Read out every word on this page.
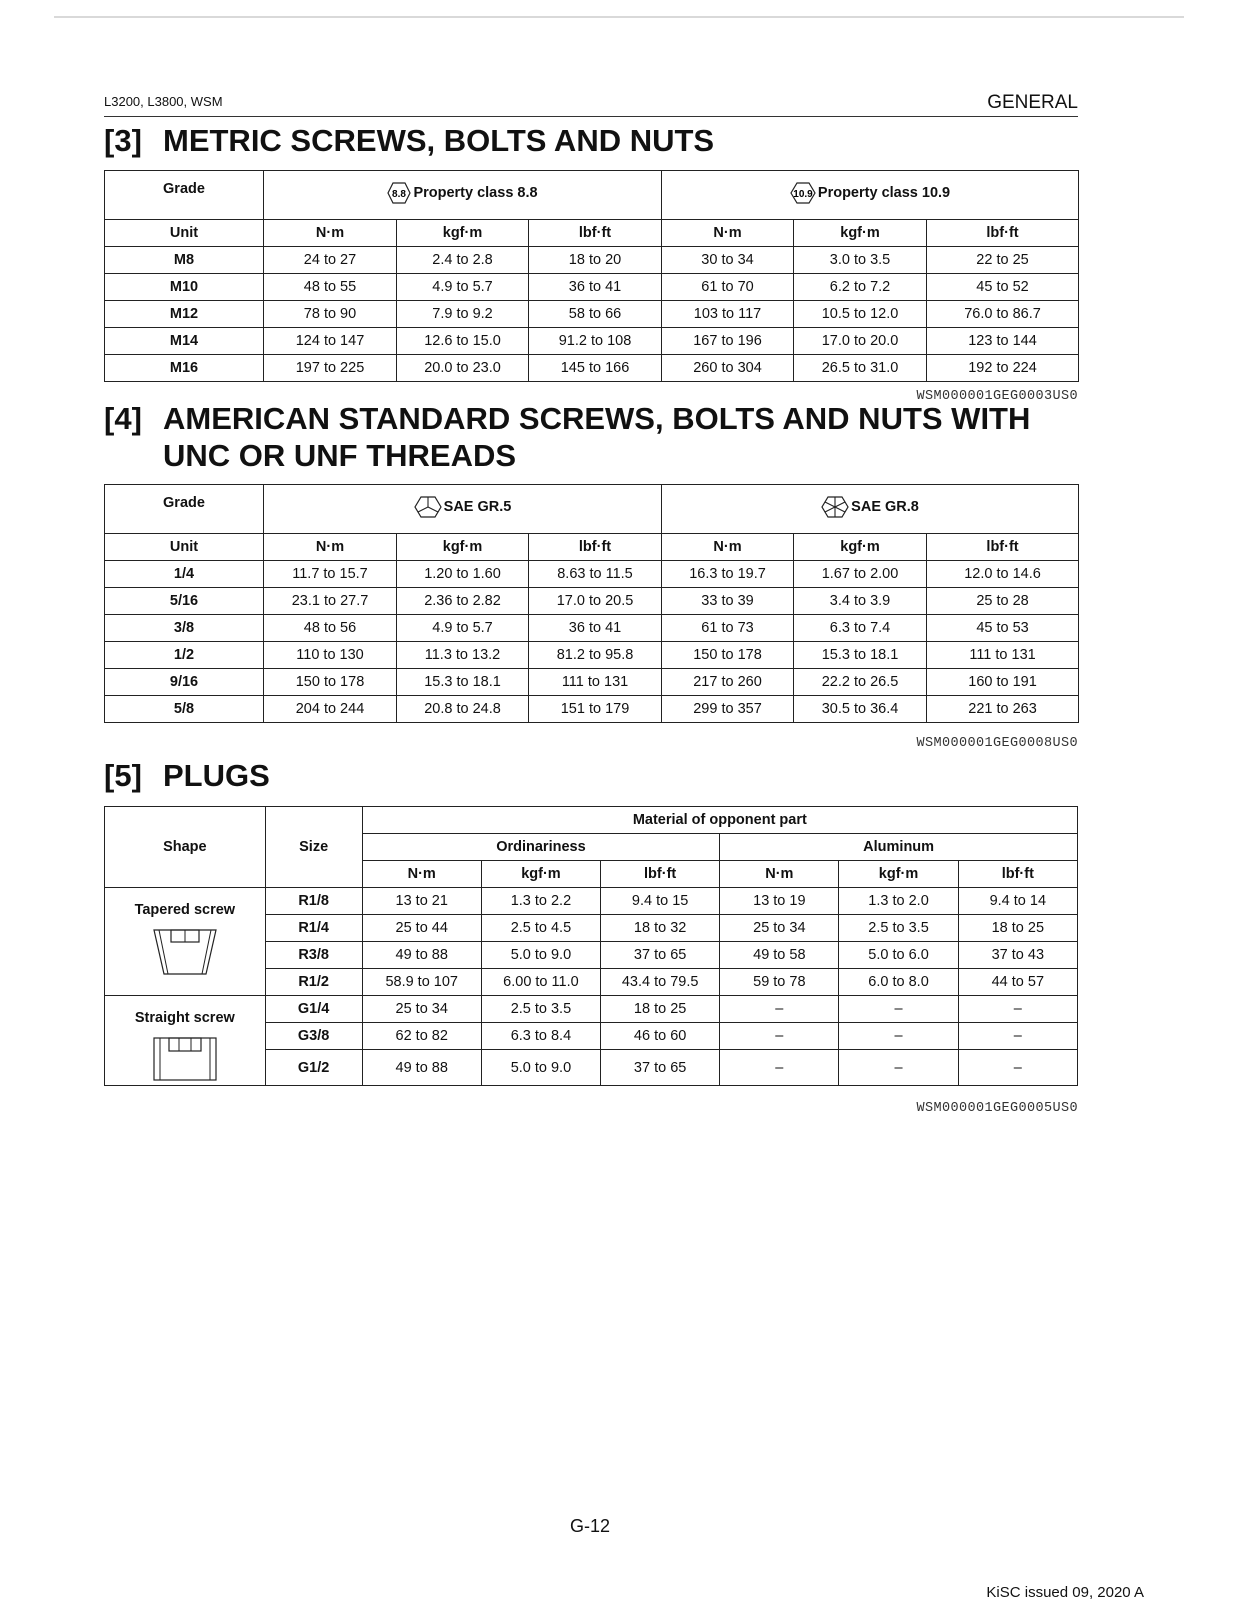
L3200, L3800, WSM	GENERAL
[3] METRIC SCREWS, BOLTS AND NUTS
Grade	8.8 Property class 8.8			10.9 Property class 10.9		

Unit	N·m	kgf·m	lbf·ft	N·m	kgf·m	lbf·ft
M8	24 to 27	2.4 to 2.8	18 to 20	30 to 34	3.0 to 3.5	22 to 25
M10	48 to 55	4.9 to 5.7	36 to 41	61 to 70	6.2 to 7.2	45 to 52
M12	78 to 90	7.9 to 9.2	58 to 66	103 to 117	10.5 to 12.0	76.0 to 86.7
M14	124 to 147	12.6 to 15.0	91.2 to 108	167 to 196	17.0 to 20.0	123 to 144
M16	197 to 225	20.0 to 23.0	145 to 166	260 to 304	26.5 to 31.0	192 to 224
WSM000001GEG0003US0
[4] AMERICAN STANDARD SCREWS, BOLTS AND NUTS WITH
UNC OR UNF THREADS
Grade	SAE GR.5			SAE GR.8		

Unit	N·m	kgf·m	lbf·ft	N·m	kgf·m	lbf·ft
1/4	11.7 to 15.7	1.20 to 1.60	8.63 to 11.5	16.3 to 19.7	1.67 to 2.00	12.0 to 14.6
5/16	23.1 to 27.7	2.36 to 2.82	17.0 to 20.5	33 to 39	3.4 to 3.9	25 to 28
3/8	48 to 56	4.9 to 5.7	36 to 41	61 to 73	6.3 to 7.4	45 to 53
1/2	110 to 130	11.3 to 13.2	81.2 to 95.8	150 to 178	15.3 to 18.1	111 to 131
9/16	150 to 178	15.3 to 18.1	111 to 131	217 to 260	22.2 to 26.5	160 to 191
5/8	204 to 244	20.8 to 24.8	151 to 179	299 to 357	30.5 to 36.4	221 to 263
WSM000001GEG0008US0
[5] PLUGS
Shape	Size	Material of opponent part					
		Ordinariness			Aluminum		
		N·m	kgf·m	lbf·ft	N·m	kgf·m	lbf·ft

Tapered screw	R1/8	13 to 21	1.3 to 2.2	9.4 to 15	13 to 19	1.3 to 2.0	9.4 to 14
	R1/4	25 to 44	2.5 to 4.5	18 to 32	25 to 34	2.5 to 3.5	18 to 25
	R3/8	49 to 88	5.0 to 9.0	37 to 65	49 to 58	5.0 to 6.0	37 to 43
	R1/2	58.9 to 107	6.00 to 11.0	43.4 to 79.5	59 to 78	6.0 to 8.0	44 to 57

Straight screw	G1/4	25 to 34	2.5 to 3.5	18 to 25	–	–	–
	G3/8	62 to 82	6.3 to 8.4	46 to 60	–	–	–
	G1/2	49 to 88	5.0 to 9.0	37 to 65	–	–	–
WSM000001GEG0005US0
G-12
KiSC issued 09, 2020 A
